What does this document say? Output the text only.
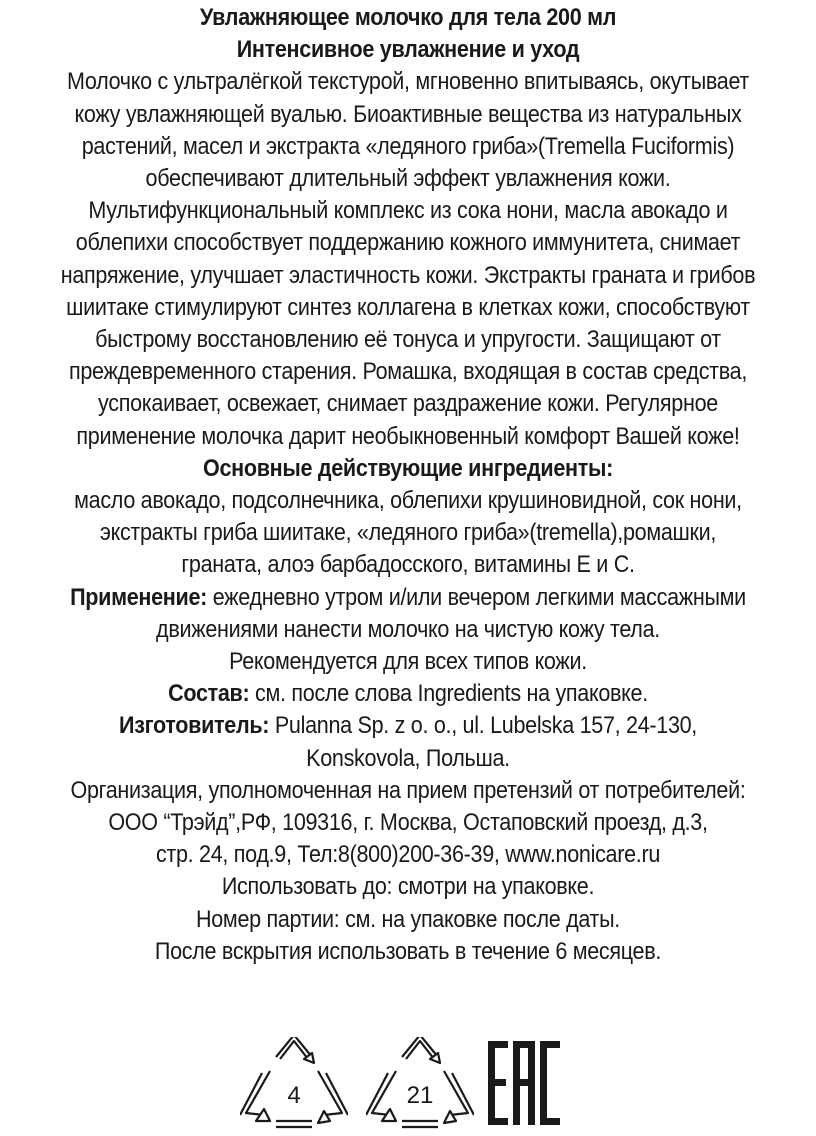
Увлажняющее молочко для тела 200 мл
Интенсивное увлажнение и уход
Молочко с ультралёгкой текстурой, мгновенно впитываясь, окутывает
кожу увлажняющей вуалью. Биоактивные вещества из натуральных
растений, масел и экстракта «ледяного гриба»(Tremella Fuciformis)
обеспечивают длительный эффект увлажнения кожи.
Мультифункциональный комплекс из сока нони, масла авокадо и
облепихи способствует поддержанию кожного иммунитета, снимает
напряжение, улучшает эластичность кожи. Экстракты граната и грибов
шиитаке стимулируют синтез коллагена в клетках кожи, способствуют
быстрому восстановлению её тонуса и упругости. Защищают от
преждевременного старения. Ромашка, входящая в состав средства,
успокаивает, освежает, снимает раздражение кожи. Регулярное
применение молочка дарит необыкновенный комфорт Вашей коже!
Основные действующие ингредиенты:
масло авокадо, подсолнечника, облепихи крушиновидной, сок нони,
экстракты гриба шиитаке, «ледяного гриба»(tremella),ромашки,
граната, алоэ барбадосского, витамины Е и С.
Применение: ежедневно утром и/или вечером легкими массажными
движениями нанести молочко на чистую кожу тела.
Рекомендуется для всех типов кожи.
Состав: см. после слова Ingredients на упаковке.
Изготовитель: Pulanna Sp. z o. o., ul. Lubelska 157, 24-130,
Konskovola, Польша.
Организация, уполномоченная на прием претензий от потребителей:
ООО “Трэйд”,РФ, 109316, г. Москва, Остаповский проезд, д.3,
стр. 24, под.9, Тел:8(800)200-36-39, www.nonicare.ru
Использовать до: смотри на упаковке.
Номер партии: см. на упаковке после даты.
После вскрытия использовать в течение 6 месяцев.
4	21
